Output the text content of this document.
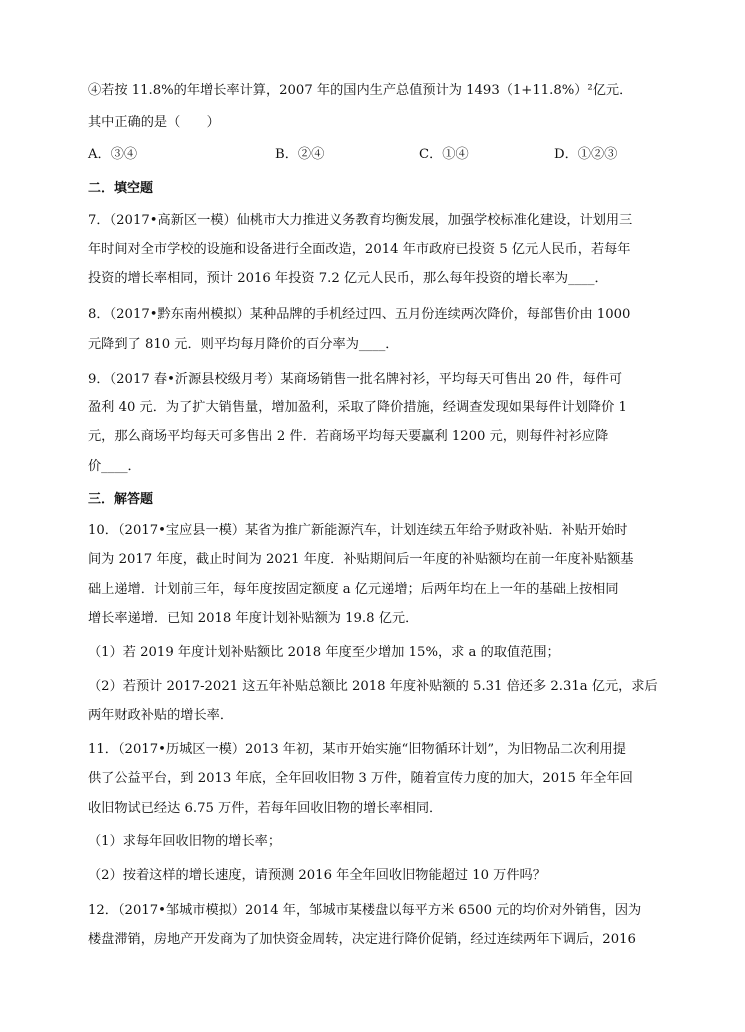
④若按 11.8%的年增长率计算，2007 年的国内生产总值预计为 1493（1+11.8%）²亿元．
其中正确的是（　　）
A．③④	B．②④	C．①④	D．①②③
二．填空题
7．（2017•高新区一模）仙桃市大力推进义务教育均衡发展，加强学校标准化建设，计划用三
年时间对全市学校的设施和设备进行全面改造，2014 年市政府已投资 5 亿元人民币，若每年
投资的增长率相同，预计 2016 年投资 7.2 亿元人民币，那么每年投资的增长率为____．
8．（2017•黔东南州模拟）某种品牌的手机经过四、五月份连续两次降价，每部售价由 1000
元降到了 810 元．则平均每月降价的百分率为____．
9．（2017 春•沂源县校级月考）某商场销售一批名牌衬衫，平均每天可售出 20 件，每件可
盈利 40 元．为了扩大销售量，增加盈利，采取了降价措施，经调查发现如果每件计划降价 1
元，那么商场平均每天可多售出 2 件．若商场平均每天要赢利 1200 元，则每件衬衫应降
价____．
三．解答题
10．（2017•宝应县一模）某省为推广新能源汽车，计划连续五年给予财政补贴．补贴开始时
间为 2017 年度，截止时间为 2021 年度．补贴期间后一年度的补贴额均在前一年度补贴额基
础上递增．计划前三年，每年度按固定额度 a 亿元递增；后两年均在上一年的基础上按相同
增长率递增．已知 2018 年度计划补贴额为 19.8 亿元．
（1）若 2019 年度计划补贴额比 2018 年度至少增加 15%，求 a 的取值范围；
（2）若预计 2017-2021 这五年补贴总额比 2018 年度补贴额的 5.31 倍还多 2.31a 亿元，求后
两年财政补贴的增长率．
11．（2017•历城区一模）2013 年初，某市开始实施“旧物循环计划”，为旧物品二次利用提
供了公益平台，到 2013 年底，全年回收旧物 3 万件，随着宣传力度的加大，2015 年全年回
收旧物试已经达 6.75 万件，若每年回收旧物的增长率相同．
（1）求每年回收旧物的增长率；
（2）按着这样的增长速度，请预测 2016 年全年回收旧物能超过 10 万件吗？
12．（2017•邹城市模拟）2014 年，邹城市某楼盘以每平方米 6500 元的均价对外销售，因为
楼盘滞销，房地产开发商为了加快资金周转，决定进行降价促销，经过连续两年下调后，2016
